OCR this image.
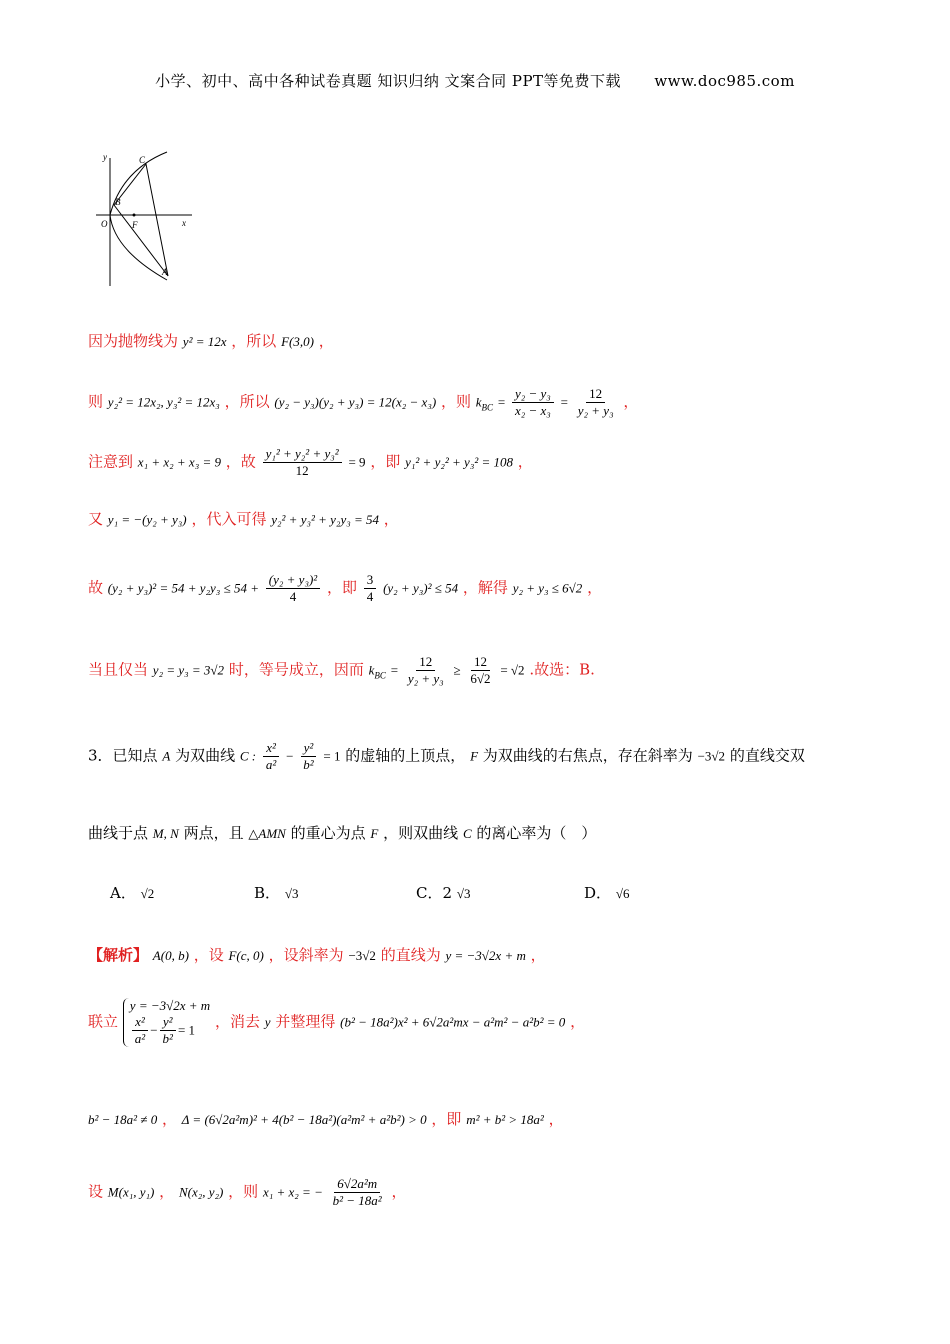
小学、初中、高中各种试卷真题 知识归纳 文案合同 PPT等免费下载 www.doc985.com
y
x
O
B
C
F
A
因为抛物线为 y² = 12x ，所以 F(3,0) ，
则 y₂² = 12x₂, y₃² = 12x₃ ，所以 (y₂ − y₃)(y₂ + y₃) = 12(x₂ − x₃) ，则 $k_{BC} = \frac{\text{y₂ − y₃}}{\text{x₂ − x₃}} = \frac{12}{\text{y₂ + y₃}}$ ，
注意到 x₁ + x₂ + x₃ = 9 ，故 $\frac{\text{y₁² + y₂² + y₃²}}{12} = 9$ ，即 y₁² + y₂² + y₃² = 108 ，
又 y₁ = −(y₂ + y₃) ，代入可得 y₂² + y₃² + y₂y₃ = 54 ，
故 $(y_2 + y_3)^2 = 54 + y_2y_3 \le 54 + \frac{\text{(y₂ + y₃)²}}{4}$ ，即 $\frac{3}{4} (y_2 + y_3)^2 \le 54$ ，解得 y₂ + y₃ ≤ 6√2 ，
当且仅当 y₂ = y₃ = 3√2 时，等号成立，因而 $k_{BC} = \frac{12}{\text{y₂ + y₃}} \ge \frac{12}{6√2} = √2$ .故选：B.
3．已知点 A 为双曲线 C : $\frac{\text{x²}}{\text{a²}} - \frac{\text{y²}}{\text{b²}} = 1$ 的虚轴的上顶点， F 为双曲线的右焦点，存在斜率为 −3√2 的直线交双
曲线于点 M, N 两点，且 △AMN 的重心为点 F ，则双曲线 C 的离心率为（　）
A． √2	B． √3	C．2 √3	D． √6
【解析】 A(0, b) ，设 F(c, 0) ，设斜率为 −3√2 的直线为 y = −3√2x + m ，
联立
y = −3√2x + m
$\frac{\text{x²}}{\text{a²}} - \frac{\text{y²}}{\text{b²}} = 1$	，消去 y 并整理得 (b² − 18a²)x² + 6√2a²mx − a²m² − a²b² = 0 ，
b² − 18a² ≠ 0 ， Δ = (6√2a²m)² + 4(b² − 18a²)(a²m² + a²b²) > 0 ，即 m² + b² > 18a² ，
设 M(x₁, y₁) ， N(x₂, y₂) ，则 x₁ + x₂ = − $\frac{\text{6√2a²m}}{\text{b² − 18a²}}$ ，
